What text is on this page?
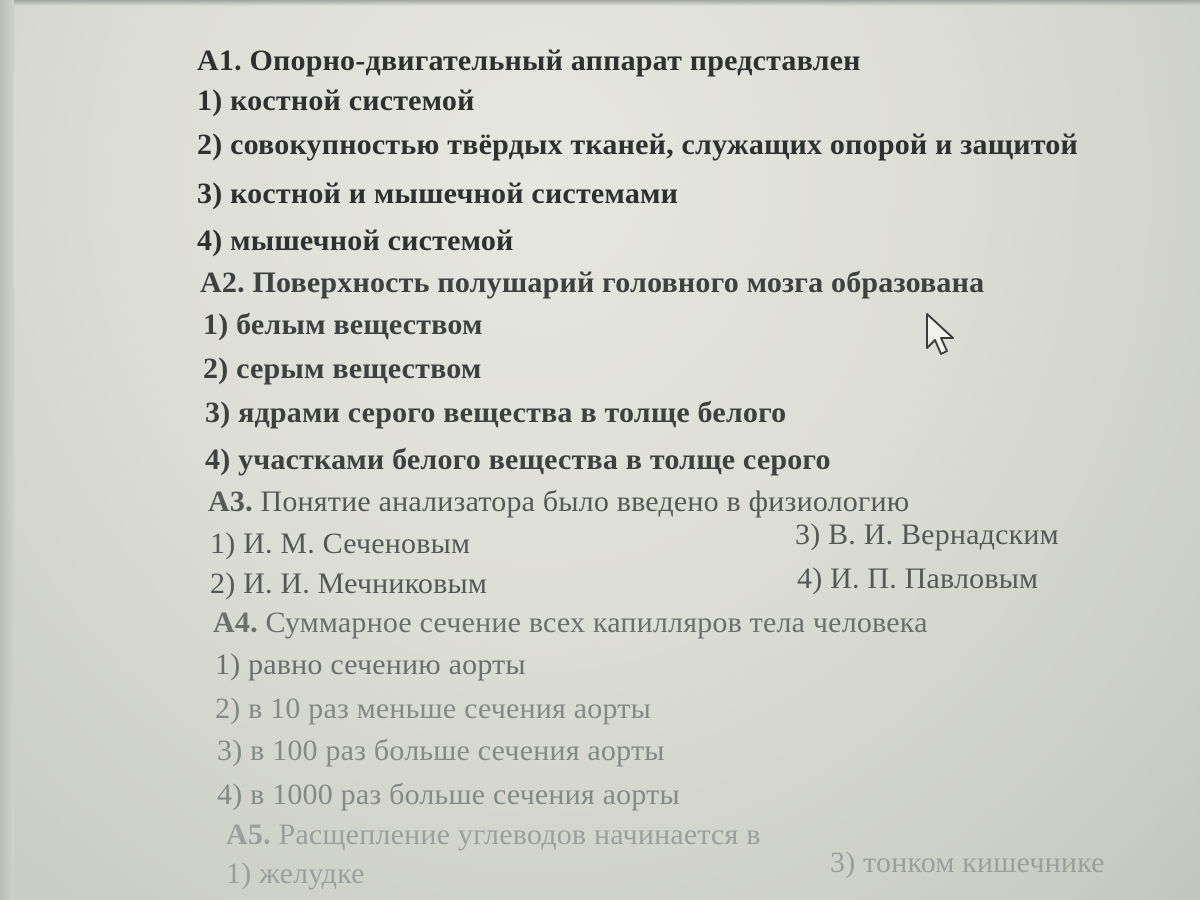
A1. Опорно-двигательный аппарат представлен
1) костной системой
2) совокупностью твёрдых тканей, служащих опорой и защитой
3) костной и мышечной системами
4) мышечной системой
A2. Поверхность полушарий головного мозга образована
1) белым веществом
2) серым веществом
3) ядрами серого вещества в толще белого
4) участками белого вещества в толще серого
A3. Понятие анализатора было введено в физиологию
1) И. М. Сеченовым
2) И. И. Мечниковым
3) В. И. Вернадским
4) И. П. Павловым
A4. Суммарное сечение всех капилляров тела человека
1) равно сечению аорты
2) в 10 раз меньше сечения аорты
3) в 100 раз больше сечения аорты
4) в 1000 раз больше сечения аорты
A5. Расщепление углеводов начинается в
1) желудке	3) тонком кишечнике
